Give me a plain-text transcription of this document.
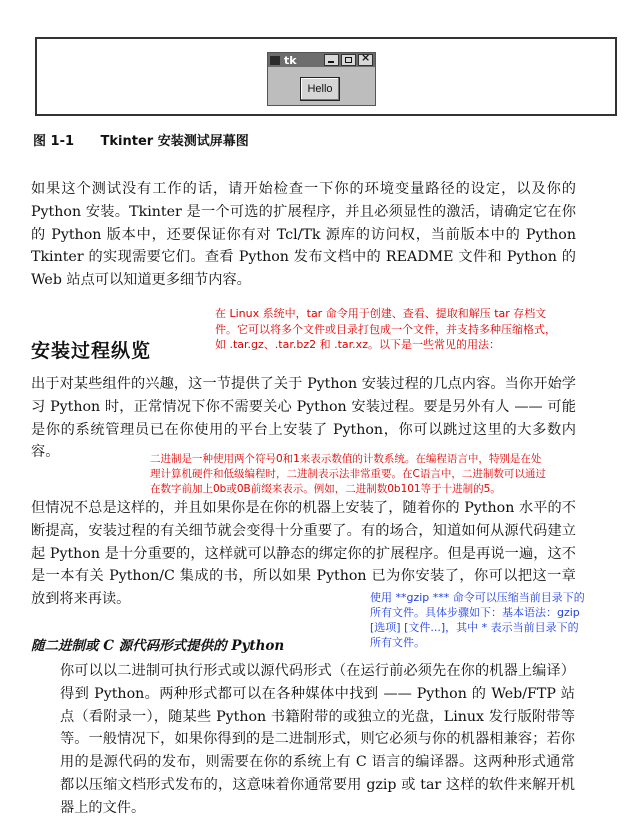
tk
×
Hello
图 1-1 Tkinter 安装测试屏幕图
如果这个测试没有工作的话，请开始检查一下你的环境变量路径的设定，以及你的 Python 安装。Tkinter 是一个可选的扩展程序，并且必须显性的激活，请确定它在你的 Python 版本中，还要保证你有对 Tcl/Tk 源库的访问权，当前版本中的 Python Tkinter 的实现需要它们。查看 Python 发布文档中的 README 文件和 Python 的 Web 站点可以知道更多细节内容。
在 Linux 系统中，tar 命令用于创建、查看、提取和解压 tar 存档文件。它可以将多个文件或目录打包成一个文件，并支持多种压缩格式，如 .tar.gz、.tar.bz2 和 .tar.xz。以下是一些常见的用法：
安装过程纵览
出于对某些组件的兴趣，这一节提供了关于 Python 安装过程的几点内容。当你开始学习 Python 时，正常情况下你不需要关心 Python 安装过程。要是另外有人 —— 可能是你的系统管理员已在你使用的平台上安装了 Python，你可以跳过这里的大多数内容。	二进制是一种使用两个符号0和1来表示数值的计数系统。在编程语言中，特别是在处理计算机硬件和低级编程时，二进制表示法非常重要。在C语言中，二进制数可以通过在数字前加上0b或0B前缀来表示。例如，二进制数0b101等于十进制的5。
但情况不总是这样的，并且如果你是在你的机器上安装了，随着你的 Python 水平的不断提高，安装过程的有关细节就会变得十分重要了。有的场合，知道如何从源代码建立起 Python 是十分重要的，这样就可以静态的绑定你的扩展程序。但是再说一遍，这不是一本有关 Python/C 集成的书，所以如果 Python 已为你安装了，你可以把这一章放到将来再读。	使用 **gzip *** 命令可以压缩当前目录下的所有文件。具体步骤如下：基本语法：gzip [选项] [文件...]，其中 * 表示当前目录下的所有文件。
随二进制或 C 源代码形式提供的 Python
你可以以二进制可执行形式或以源代码形式（在运行前必须先在你的机器上编译）得到 Python。两种形式都可以在各种媒体中找到 —— Python 的 Web/FTP 站点（看附录一），随某些 Python 书籍附带的或独立的光盘，Linux 发行版附带等等。一般情况下，如果你得到的是二进制形式，则它必须与你的机器相兼容；若你用的是源代码的发布，则需要在你的系统上有 C 语言的编译器。这两种形式通常都以压缩文档形式发布的，这意味着你通常要用 gzip 或 tar 这样的软件来解开机器上的文件。
